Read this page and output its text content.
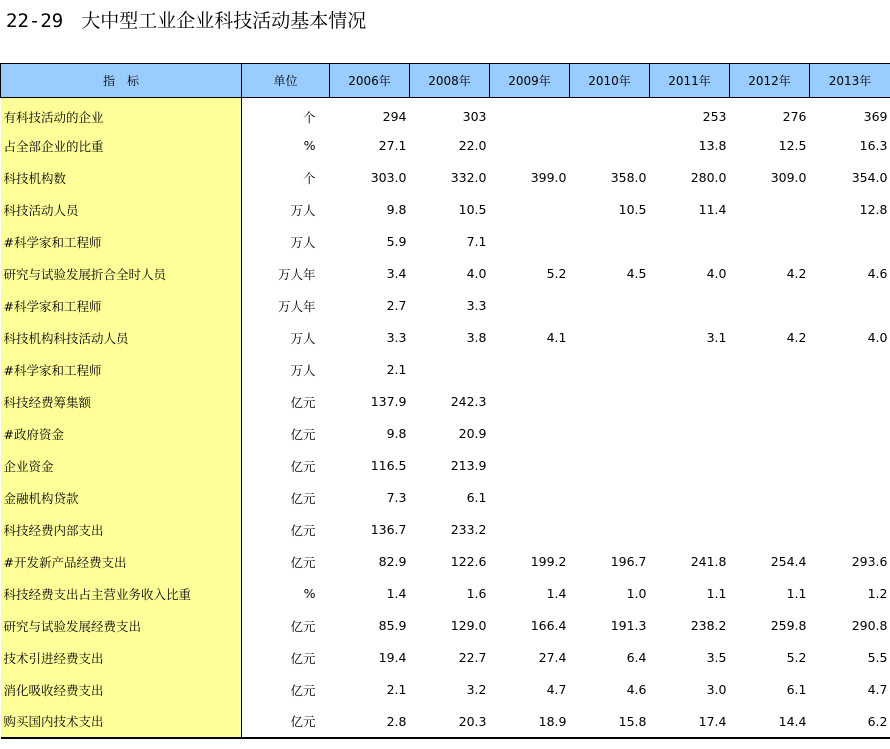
22-29 大中型工业企业科技活动基本情况
指　标	单位	2006年	2008年	2009年	2010年	2011年	2012年	2013年
有科技活动的企业	个	294	303			253	276	369
占全部企业的比重	%	27.1	22.0			13.8	12.5	16.3
科技机构数	个	303.0	332.0	399.0	358.0	280.0	309.0	354.0
科技活动人员	万人	9.8	10.5		10.5	11.4		12.8
#科学家和工程师	万人	5.9	7.1					
研究与试验发展折合全时人员	万人年	3.4	4.0	5.2	4.5	4.0	4.2	4.6
#科学家和工程师	万人年	2.7	3.3					
科技机构科技活动人员	万人	3.3	3.8	4.1		3.1	4.2	4.0
#科学家和工程师	万人	2.1						
科技经费筹集额	亿元	137.9	242.3					
#政府资金	亿元	9.8	20.9					
企业资金	亿元	116.5	213.9					
金融机构贷款	亿元	7.3	6.1					
科技经费内部支出	亿元	136.7	233.2					
#开发新产品经费支出	亿元	82.9	122.6	199.2	196.7	241.8	254.4	293.6
科技经费支出占主营业务收入比重	%	1.4	1.6	1.4	1.0	1.1	1.1	1.2
研究与试验发展经费支出	亿元	85.9	129.0	166.4	191.3	238.2	259.8	290.8
技术引进经费支出	亿元	19.4	22.7	27.4	6.4	3.5	5.2	5.5
消化吸收经费支出	亿元	2.1	3.2	4.7	4.6	3.0	6.1	4.7
购买国内技术支出	亿元	2.8	20.3	18.9	15.8	17.4	14.4	6.2
